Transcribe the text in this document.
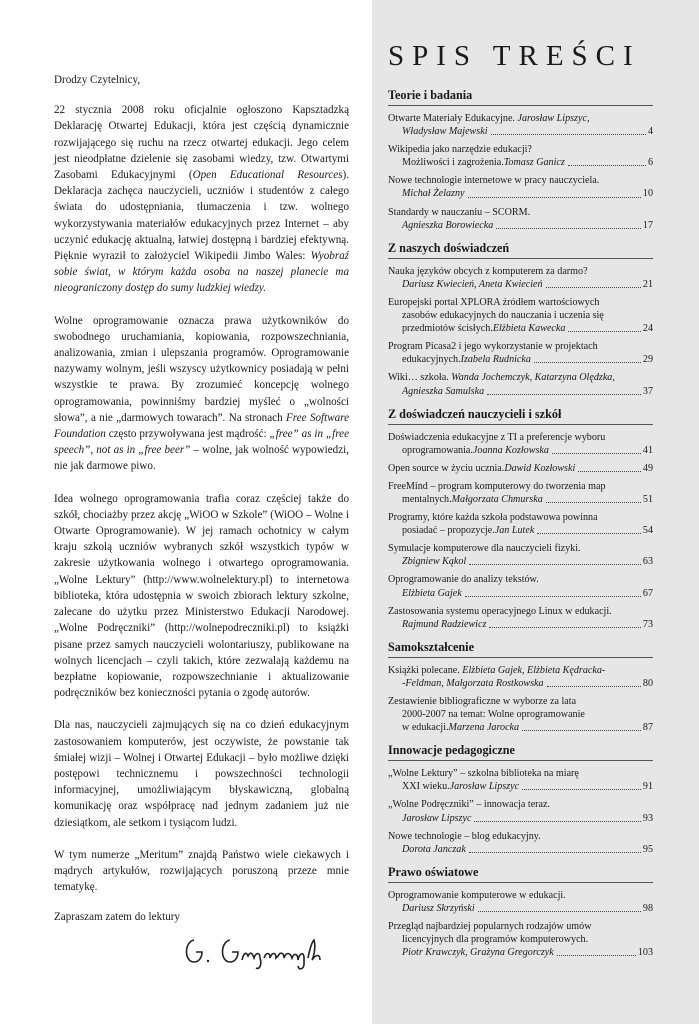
Drodzy Czytelnicy,

22 stycznia 2008 roku oficjalnie ogłoszono Kapsztadzką Deklarację Otwartej Edukacji, która jest częścią dynamicznie rozwijającego się ruchu na rzecz otwartej edukacji. Jego celem jest nieodpłatne dzielenie się zasobami wiedzy, tzw. Otwartymi Zasobami Edukacyjnymi (Open Educational Resources). Deklaracja zachęca nauczycieli, uczniów i studentów z całego świata do udostępniania, tłumaczenia i tzw. wolnego wykorzystywania materiałów edukacyjnych przez Internet – aby uczynić edukację aktualną, łatwiej dostępną i bardziej efektywną. Pięknie wyraził to założyciel Wikipedii Jimbo Wales: Wyobraź sobie świat, w którym każda osoba na naszej planecie ma nieograniczony dostęp do sumy ludzkiej wiedzy.

Wolne oprogramowanie oznacza prawa użytkowników do swobodnego uruchamiania, kopiowania, rozpowszechniania, analizowania, zmian i ulepszania programów. Oprogramowanie nazywamy wolnym, jeśli wszyscy użytkownicy posiadają w pełni wszystkie te prawa. By zrozumieć koncepcję wolnego oprogramowania, powinniśmy bardziej myśleć o „wolności słowa”, a nie „darmowych towarach”. Na stronach Free Software Foundation często przywoływana jest mądrość: „free” as in „free speech”, not as in „free beer” – wolne, jak wolność wypowiedzi, nie jak darmowe piwo.

Idea wolnego oprogramowania trafia coraz częściej także do szkół, chociażby przez akcję „WiOO w Szkole” (WiOO – Wolne i Otwarte Oprogramowanie). W jej ramach ochotnicy w całym kraju szkolą uczniów wybranych szkół wszystkich typów w zakresie użytkowania wolnego i otwartego oprogramowania. „Wolne Lektury” (http://www.wolnelektury.pl) to internetowa biblioteka, która udostępnia w swoich zbiorach lektury szkolne, zalecane do użytku przez Ministerstwo Edukacji Narodowej. „Wolne Podręczniki” (http://wolnepodreczniki.pl) to książki pisane przez samych nauczycieli wolontariuszy, publikowane na wolnych licencjach – czyli takich, które zezwalają każdemu na bezpłatne kopiowanie, rozpowszechnianie i aktualizowanie podręczników bez konieczności pytania o zgodę autorów.

Dla nas, nauczycieli zajmujących się na co dzień edukacyjnym zastosowaniem komputerów, jest oczywiste, że powstanie tak śmiałej wizji – Wolnej i Otwartej Edukacji – było możliwe dzięki postępowi technicznemu i powszechności technologii informacyjnej, umożliwiającym błyskawiczną, globalną komunikację oraz współpracę nad jednym zadaniem już nie dziesiątkom, ale setkom i tysiącom ludzi.

W tym numerze „Meritum” znajdą Państwo wiele ciekawych i mądrych artykułów, rozwijających poruszoną przeze mnie tematykę.

Zapraszam zatem do lektury

SPIS TREŚCI
Teorie i badania
Otwarte Materiały Edukacyjne. Jarosław Lipszyc,
Władysław Majewski	4
Wikipedia jako narzędzie edukacji?
Możliwości i zagrożenia. Tomasz Ganicz	6
Nowe technologie internetowe w pracy nauczyciela.
Michał Żelazny	10
Standardy w nauczaniu – SCORM.
Agnieszka Borowiecka	17
Z naszych doświadczeń
Nauka języków obcych z komputerem za darmo?
Dariusz Kwiecień, Aneta Kwiecień	21
Europejski portal XPLORA źródłem wartościowych
zasobów edukacyjnych do nauczania i uczenia się
przedmiotów ścisłych. Elżbieta Kawecka	24
Program Picasa2 i jego wykorzystanie w projektach
edukacyjnych. Izabela Rudnicka	29
Wiki… szkoła. Wanda Jochemczyk, Katarzyna Olędzka,
Agnieszka Samulska	37
Z doświadczeń nauczycieli i szkół
Doświadczenia edukacyjne z TI a preferencje wyboru
oprogramowania. Joanna Kozłowska	41
Open source w życiu ucznia. Dawid Kozłowski	49
FreeMind – program komputerowy do tworzenia map
mentalnych. Małgorzata Chmurska	51
Programy, które każda szkoła podstawowa powinna
posiadać – propozycje. Jan Lutek	54
Symulacje komputerowe dla nauczycieli fizyki.
Zbigniew Kąkol	63
Oprogramowanie do analizy tekstów.
Elżbieta Gajek	67
Zastosowania systemu operacyjnego Linux w edukacji.
Rajmund Radziewicz	73
Samokształcenie
Książki polecane. Elżbieta Gajek, Elżbieta Kędracka-
-Feldman, Małgorzata Rostkowska	80
Zestawienie bibliograficzne w wyborze za lata
2000-2007 na temat: Wolne oprogramowanie
w edukacji. Marzena Jarocka	87
Innowacje pedagogiczne
„Wolne Lektury” – szkolna biblioteka na miarę
XXI wieku. Jarosław Lipszyc	91
„Wolne Podręczniki” – innowacja teraz.
Jarosław Lipszyc	93
Nowe technologie – blog edukacyjny.
Dorota Janczak	95
Prawo oświatowe
Oprogramowanie komputerowe w edukacji.
Dariusz Skrzyński	98
Przegląd najbardziej popularnych rodzajów umów
licencyjnych dla programów komputerowych.
Piotr Krawczyk, Grażyna Gregorczyk	103
